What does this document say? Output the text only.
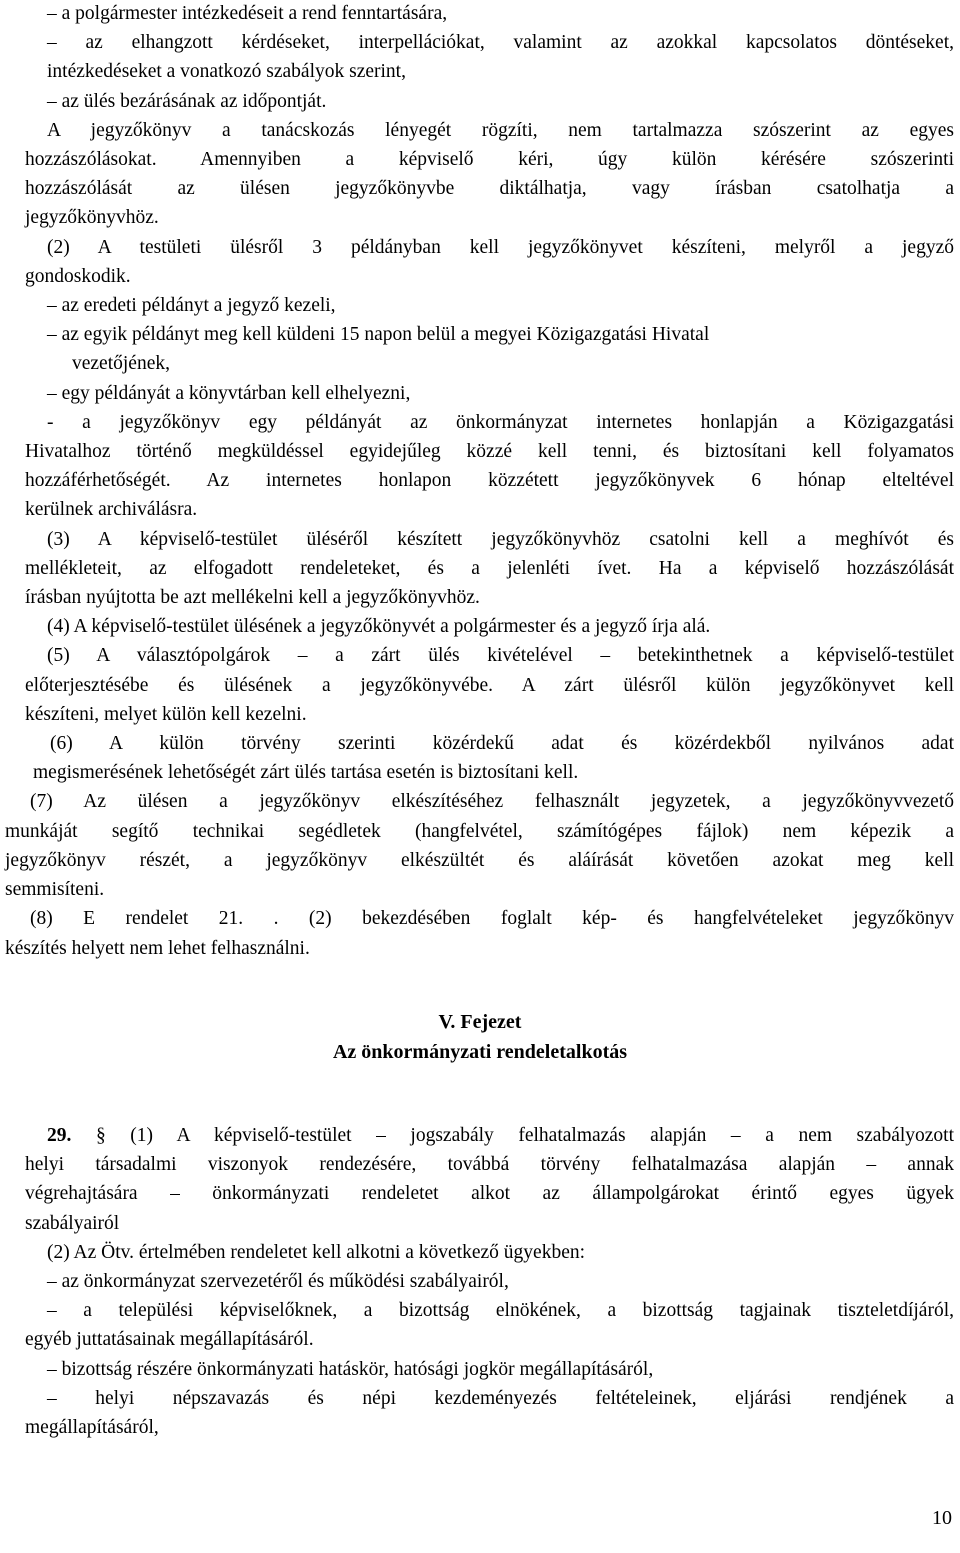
– a polgármester intézkedéseit a rend fenntartására,
– az elhangzott kérdéseket, interpellációkat, valamint az azokkal kapcsolatos döntéseket,
intézkedéseket a vonatkozó szabályok szerint,
– az ülés bezárásának az időpontját.
A jegyzőkönyv a tanácskozás lényegét rögzíti, nem tartalmazza szószerint az egyes
hozzászólásokat. Amennyiben a képviselő kéri, úgy külön kérésére szószerinti
hozzászólását az ülésen jegyzőkönyvbe diktálhatja, vagy írásban csatolhatja a
jegyzőkönyvhöz.
(2) A testületi ülésről 3 példányban kell jegyzőkönyvet készíteni, melyről a jegyző
gondoskodik.
– az eredeti példányt a jegyző kezeli,
– az egyik példányt meg kell küldeni 15 napon belül a megyei Közigazgatási Hivatal
vezetőjének,
– egy példányát a könyvtárban kell elhelyezni,
- a jegyzőkönyv egy példányát az önkormányzat internetes honlapján a Közigazgatási
Hivatalhoz történő megküldéssel egyidejűleg közzé kell tenni, és biztosítani kell folyamatos
hozzáférhetőségét. Az internetes honlapon közzétett jegyzőkönyvek 6 hónap elteltével
kerülnek archiválásra.
(3) A képviselő-testület üléséről készített jegyzőkönyvhöz csatolni kell a meghívót és
mellékleteit, az elfogadott rendeleteket, és a jelenléti ívet. Ha a képviselő hozzászólását
írásban nyújtotta be azt mellékelni kell a jegyzőkönyvhöz.
(4) A képviselő-testület ülésének a jegyzőkönyvét a polgármester és a jegyző írja alá.
(5) A választópolgárok – a zárt ülés kivételével – betekinthetnek a képviselő-testület
előterjesztésébe és ülésének a jegyzőkönyvébe. A zárt ülésről külön jegyzőkönyvet kell
készíteni, melyet külön kell kezelni.
(6) A külön törvény szerinti közérdekű adat és közérdekből nyilvános adat
megismerésének lehetőségét zárt ülés tartása esetén is biztosítani kell.
(7) Az ülésen a jegyzőkönyv elkészítéséhez felhasznált jegyzetek, a jegyzőkönyvvezető
munkáját segítő technikai segédletek (hangfelvétel, számítógépes fájlok) nem képezik a
jegyzőkönyv részét, a jegyzőkönyv elkészültét és aláírását követően azokat meg kell
semmisíteni.
(8) E rendelet 21. . (2) bekezdésében foglalt kép- és hangfelvételeket jegyzőkönyv
készítés helyett nem lehet felhasználni.
V. Fejezet
Az önkormányzati rendeletalkotás
29. § (1) A képviselő-testület – jogszabály felhatalmazás alapján – a nem szabályozott
helyi társadalmi viszonyok rendezésére, továbbá törvény felhatalmazása alapján – annak
végrehajtására – önkormányzati rendeletet alkot az állampolgárokat érintő egyes ügyek
szabályairól
(2) Az Ötv. értelmében rendeletet kell alkotni a következő ügyekben:
– az önkormányzat szervezetéről és működési szabályairól,
– a települési képviselőknek, a bizottság elnökének, a bizottság tagjainak tiszteletdíjáról,
egyéb juttatásainak megállapításáról.
– bizottság részére önkormányzati hatáskör, hatósági jogkör megállapításáról,
– helyi népszavazás és népi kezdeményezés feltételeinek, eljárási rendjének a
megállapításáról,
10
